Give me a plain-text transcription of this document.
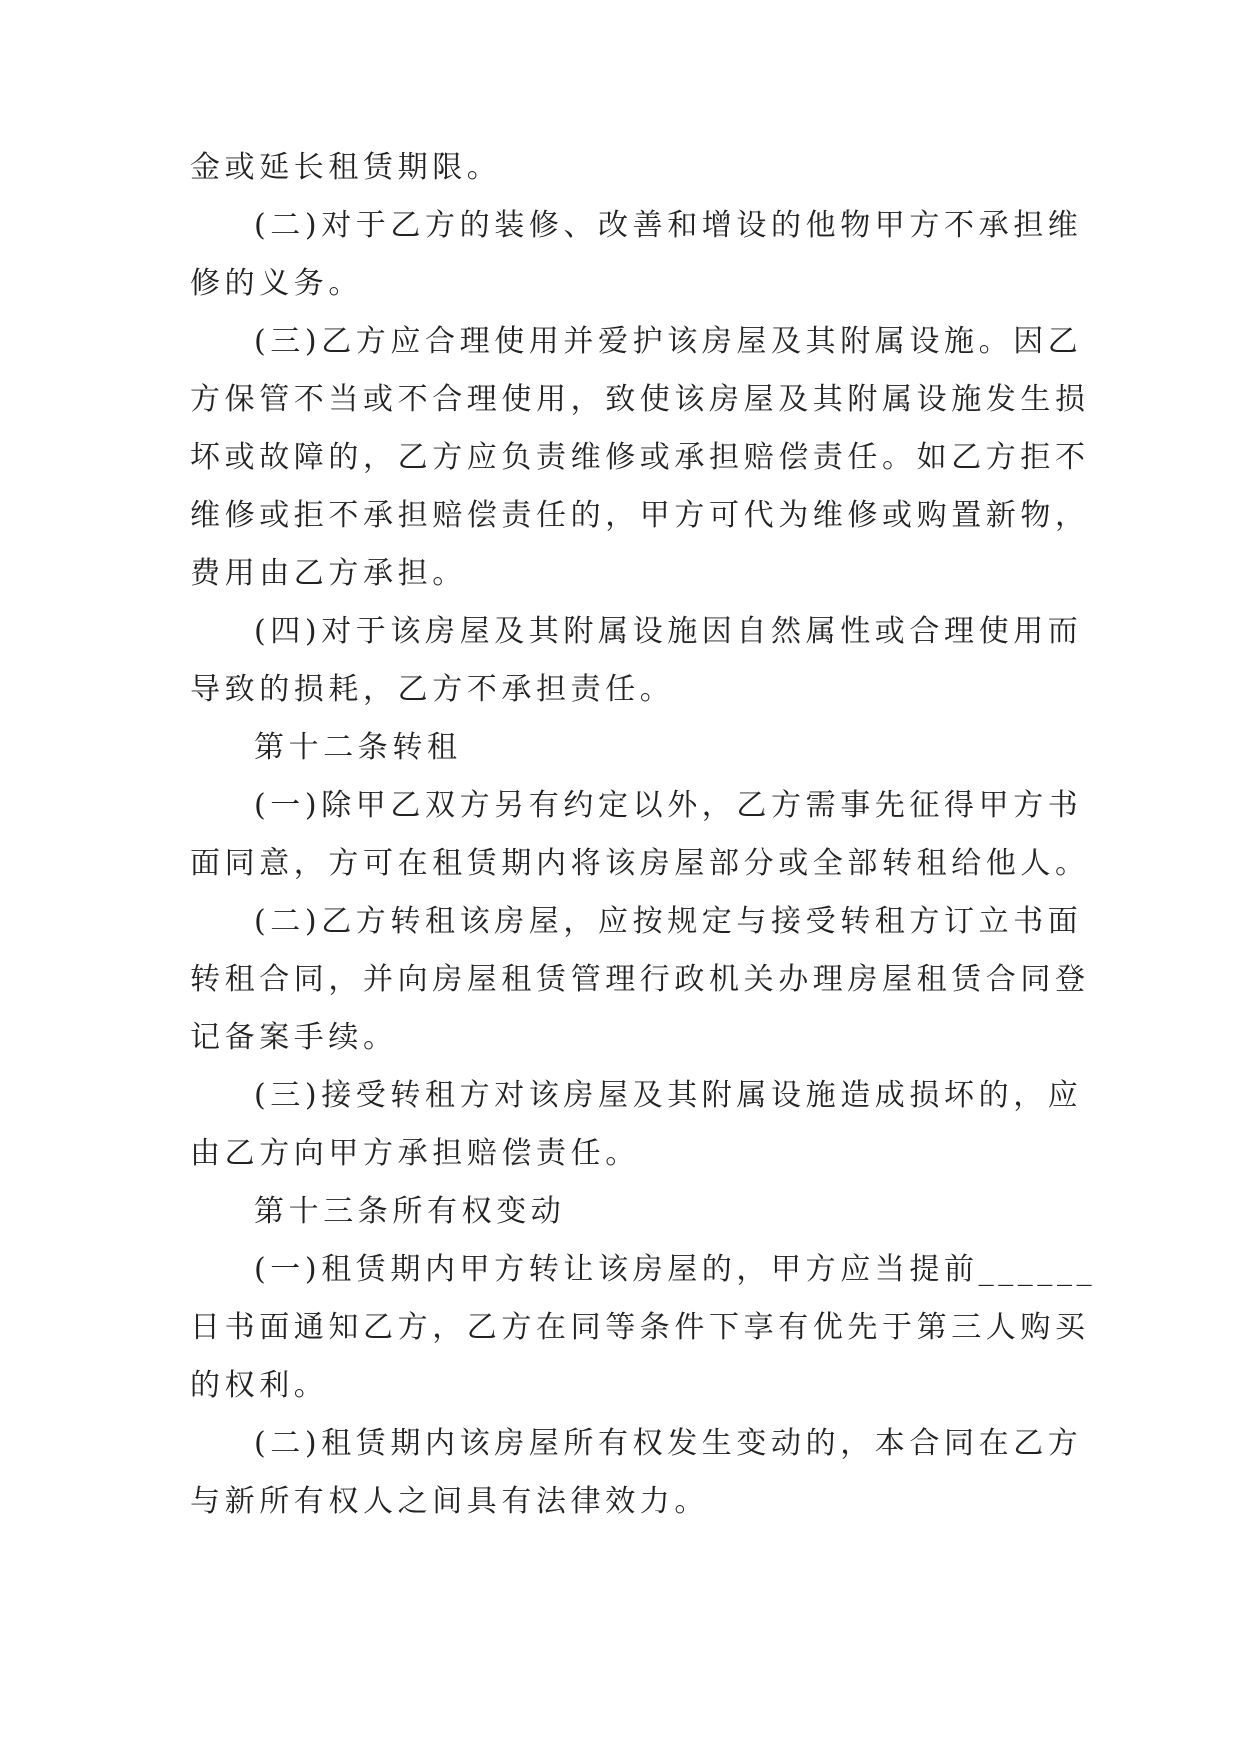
金或延长租赁期限。
(二)对于乙方的装修、改善和增设的他物甲方不承担维
修的义务。
(三)乙方应合理使用并爱护该房屋及其附属设施。因乙
方保管不当或不合理使用，致使该房屋及其附属设施发生损
坏或故障的，乙方应负责维修或承担赔偿责任。如乙方拒不
维修或拒不承担赔偿责任的，甲方可代为维修或购置新物，
费用由乙方承担。
(四)对于该房屋及其附属设施因自然属性或合理使用而
导致的损耗，乙方不承担责任。
第十二条转租
(一)除甲乙双方另有约定以外，乙方需事先征得甲方书
面同意，方可在租赁期内将该房屋部分或全部转租给他人。
(二)乙方转租该房屋，应按规定与接受转租方订立书面
转租合同，并向房屋租赁管理行政机关办理房屋租赁合同登
记备案手续。
(三)接受转租方对该房屋及其附属设施造成损坏的，应
由乙方向甲方承担赔偿责任。
第十三条所有权变动
(一)租赁期内甲方转让该房屋的，甲方应当提前______
日书面通知乙方，乙方在同等条件下享有优先于第三人购买
的权利。
(二)租赁期内该房屋所有权发生变动的，本合同在乙方
与新所有权人之间具有法律效力。
